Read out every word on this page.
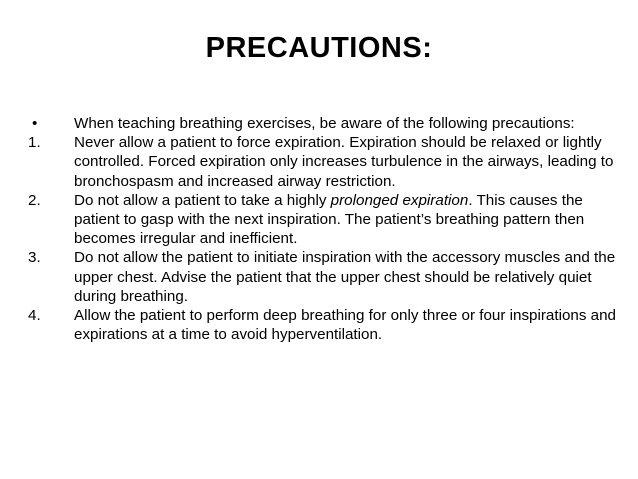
PRECAUTIONS:
•	When teaching breathing exercises, be aware of the following precautions:
1.	Never allow a patient to force expiration. Expiration should be relaxed or lightly controlled. Forced expiration only increases turbulence in the airways, leading to bronchospasm and increased airway restriction.
2.	Do not allow a patient to take a highly prolonged expiration. This causes the patient to gasp with the next inspiration. The patient’s breathing pattern then becomes irregular and inefficient.
3.	Do not allow the patient to initiate inspiration with the accessory muscles and the upper chest. Advise the patient that the upper chest should be relatively quiet during breathing.
4.	Allow the patient to perform deep breathing for only three or four inspirations and expirations at a time to avoid hyperventilation.
